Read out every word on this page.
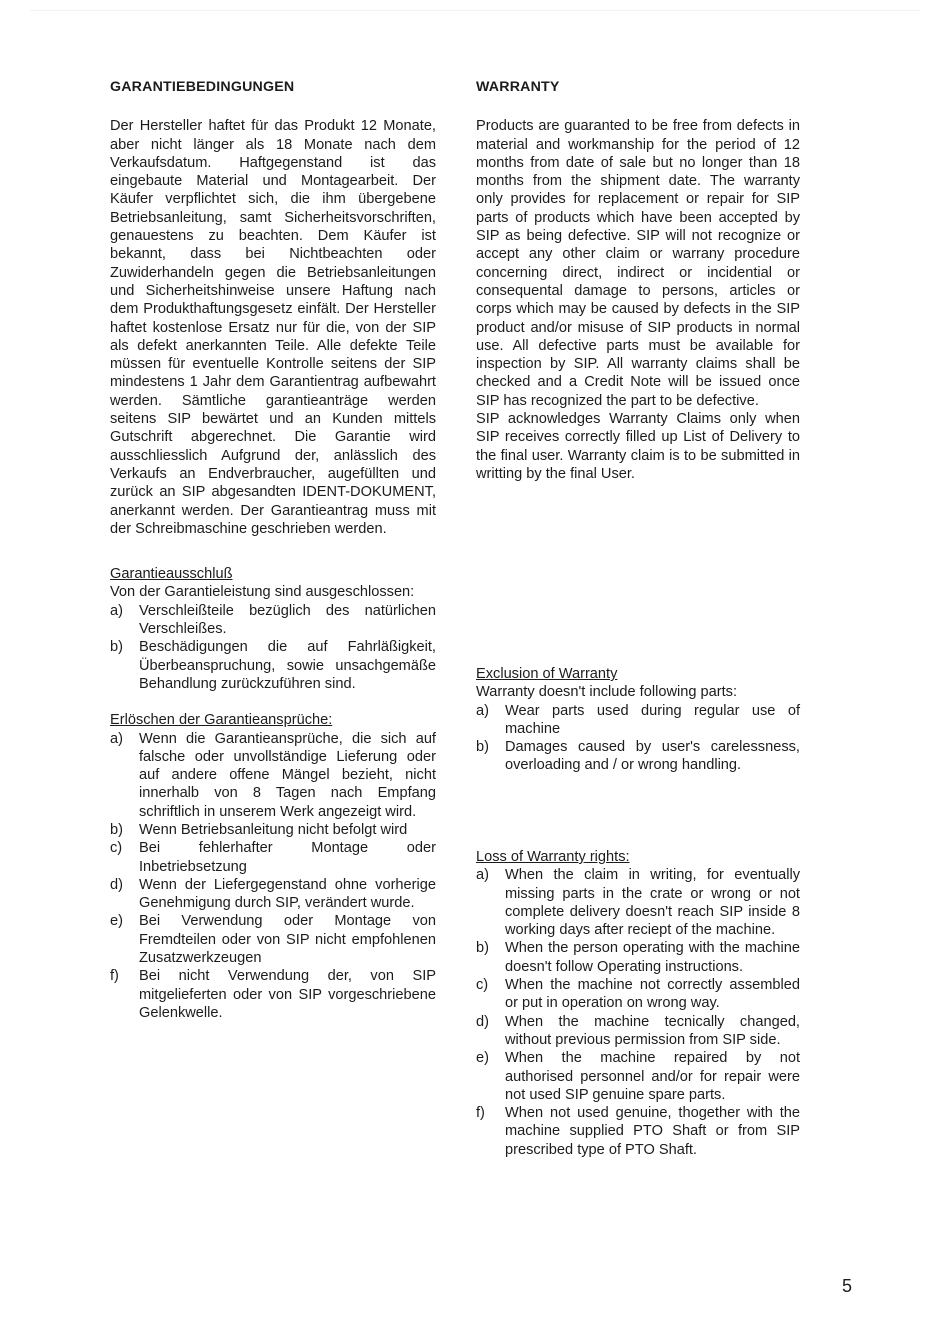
GARANTIEBEDINGUNGEN

Der Hersteller haftet für das Produkt 12 Monate, aber nicht länger als 18 Monate nach dem Verkaufsdatum. Haftgegenstand ist das eingebaute Material und Montagearbeit. Der Käufer verpflichtet sich, die ihm übergebene Betriebsanleitung, samt Sicherheitsvorschriften, genauestens zu beachten. Dem Käufer ist bekannt, dass bei Nichtbeachten oder Zuwiderhandeln gegen die Betriebsanleitungen und Sicherheitshinweise unsere Haftung nach dem Produkthaftungsgesetz einfält. Der Hersteller haftet kostenlose Ersatz nur für die, von der SIP als defekt anerkannten Teile. Alle defekte Teile müssen für eventuelle Kontrolle seitens der SIP mindestens 1 Jahr dem Garantientrag aufbewahrt werden. Sämtliche garantieanträge werden seitens SIP bewärtet und an Kunden mittels Gutschrift abgerechnet. Die Garantie wird ausschliesslich Aufgrund der, anlässlich des Verkaufs an Endverbraucher, augefüllten und zurück an SIP abgesandten IDENT-DOKUMENT, anerkannt werden. Der Garantieantrag muss mit der Schreibmaschine geschrieben werden.

Garantieausschluß

Von der Garantieleistung sind ausgeschlossen:

a)	Verschleißteile bezüglich des natürlichen Verschleißes.
b)	Beschädigungen die auf Fahrläßigkeit, Überbeanspruchung, sowie unsachgemäße Behandlung zurückzuführen sind.

Erlöschen der Garantieansprüche:

a)	Wenn die Garantieansprüche, die sich auf falsche oder unvollständige Lieferung oder auf andere offene Mängel bezieht, nicht innerhalb von 8 Tagen nach Empfang schriftlich in unserem Werk angezeigt wird.
b)	Wenn Betriebsanleitung nicht befolgt wird
c)	Bei fehlerhafter Montage oder Inbetriebsetzung
d)	Wenn der Liefergegenstand ohne vorherige Genehmigung durch SIP, verändert wurde.
e)	Bei Verwendung oder Montage von Fremdteilen oder von SIP nicht empfohlenen Zusatzwerkzeugen
f)	Bei nicht Verwendung der, von SIP mitgelieferten oder von SIP vorgeschriebene Gelenkwelle.

WARRANTY

Products are guaranted to be free from defects in material and workmanship for the period of 12 months from date of sale but no longer than 18 months from the shipment date. The warranty only provides for replacement or repair for SIP parts of products which have been accepted by SIP as being defective. SIP will not recognize or accept any other claim or warrany procedure concerning direct, indirect or incidential or consequental damage to persons, articles or corps which may be caused by defects in the SIP product and/or misuse of SIP products in normal use. All defective parts must be available for inspection by SIP. All warranty claims shall be checked and a Credit Note will be issued once SIP has recognized the part to be defective.

SIP acknowledges Warranty Claims only when SIP receives correctly filled up List of Delivery to the final user. Warranty claim is to be submitted in writting by the final User.

Exclusion of Warranty

Warranty doesn't include following parts:

a)	Wear parts used during regular use of machine
b)	Damages caused by user's carelessness, overloading and / or wrong handling.

Loss of Warranty rights:

a)	When the claim in writing, for eventually missing parts in the crate or wrong or not complete delivery doesn't reach SIP inside 8 working days after reciept of the machine.
b)	When the person operating with the machine doesn't follow Operating instructions.
c)	When the machine not correctly assembled or put in operation on wrong way.
d)	When the machine tecnically changed, without previous permission from SIP side.
e)	When the machine repaired by not authorised personnel and/or for repair were not used SIP genuine spare parts.
f)	When not used genuine, thogether with the machine supplied PTO Shaft or from SIP prescribed type of PTO Shaft.
5
